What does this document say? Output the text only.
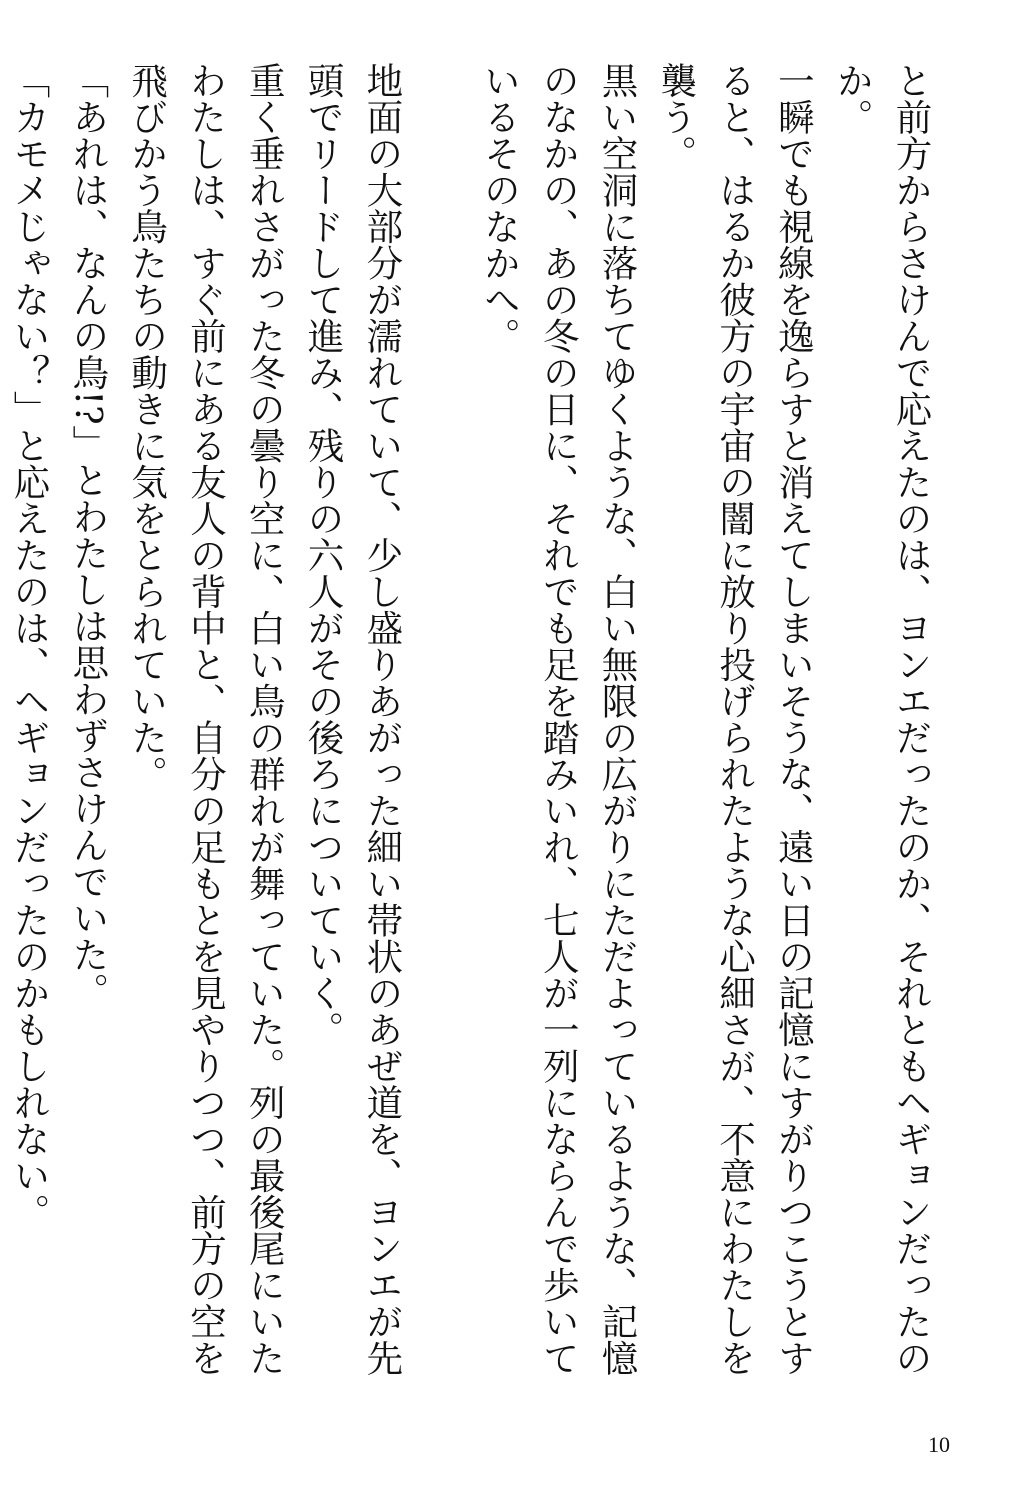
と前方からさけんで応えたのは、ヨンエだったのか、それともヘギョンだったのか。
一瞬でも視線を逸らすと消えてしまいそうな、遠い日の記憶にすがりつこうとすると、はるか彼方の宇宙の闇に放り投げられたような心細さが、不意にわたしを襲う。
黒い空洞に落ちてゆくような、白い無限の広がりにただよっているような、記憶のなかの、あの冬の日に、それでも足を踏みいれ、七人が一列にならんで歩いているそのなかへ。
地面の大部分が濡れていて、少し盛りあがった細い帯状のあぜ道を、ヨンエが先頭でリードして進み、残りの六人がその後ろについていく。
重く垂れさがった冬の曇り空に、白い鳥の群れが舞っていた。列の最後尾にいたわたしは、すぐ前にある友人の背中と、自分の足もとを見やりつつ、前方の空を飛びかう鳥たちの動きに気をとられていた。
「あれは、なんの鳥!?」とわたしは思わずさけんでいた。
「カモメじゃない？」と応えたのは、ヘギョンだったのかもしれない。
10
